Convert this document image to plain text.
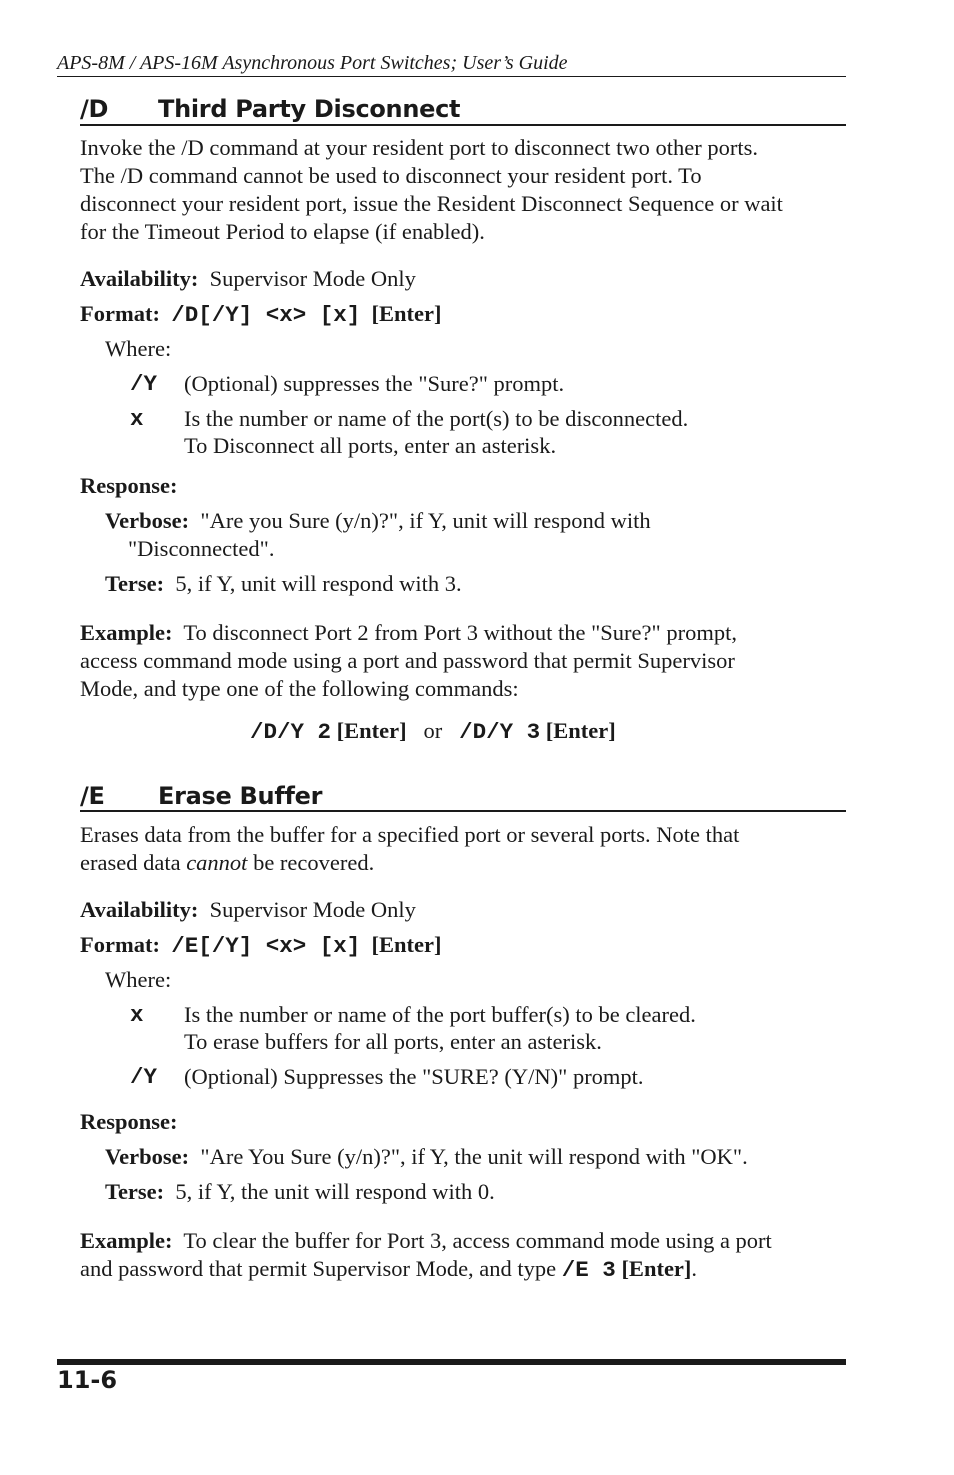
APS-8M / APS-16M Asynchronous Port Switches; User’s Guide
/D Third Party Disconnect
Invoke the /D command at your resident port to disconnect two other ports.
The /D command cannot be used to disconnect your resident port. To
disconnect your resident port, issue the Resident Disconnect Sequence or wait
for the Timeout Period to elapse (if enabled).
Availability: Supervisor Mode Only
Format: /D[/Y] <x> [x] [Enter]
Where:
/Y (Optional) suppresses the "Sure?" prompt.
x Is the number or name of the port(s) to be disconnected.
To Disconnect all ports, enter an asterisk.
Response:
Verbose: "Are you Sure (y/n)?", if Y, unit will respond with
"Disconnected".
Terse: 5, if Y, unit will respond with 3.
Example: To disconnect Port 2 from Port 3 without the "Sure?" prompt,
access command mode using a port and password that permit Supervisor
Mode, and type one of the following commands:
/D/Y 2 [Enter] or /D/Y 3 [Enter]
/E Erase Buffer
Erases data from the buffer for a specified port or several ports. Note that
erased data cannot be recovered.
Availability: Supervisor Mode Only
Format: /E[/Y] <x> [x] [Enter]
Where:
x Is the number or name of the port buffer(s) to be cleared.
To erase buffers for all ports, enter an asterisk.
/Y (Optional) Suppresses the "SURE? (Y/N)" prompt.
Response:
Verbose: "Are You Sure (y/n)?", if Y, the unit will respond with "OK".
Terse: 5, if Y, the unit will respond with 0.
Example: To clear the buffer for Port 3, access command mode using a port
and password that permit Supervisor Mode, and type /E 3 [Enter].
11-6
